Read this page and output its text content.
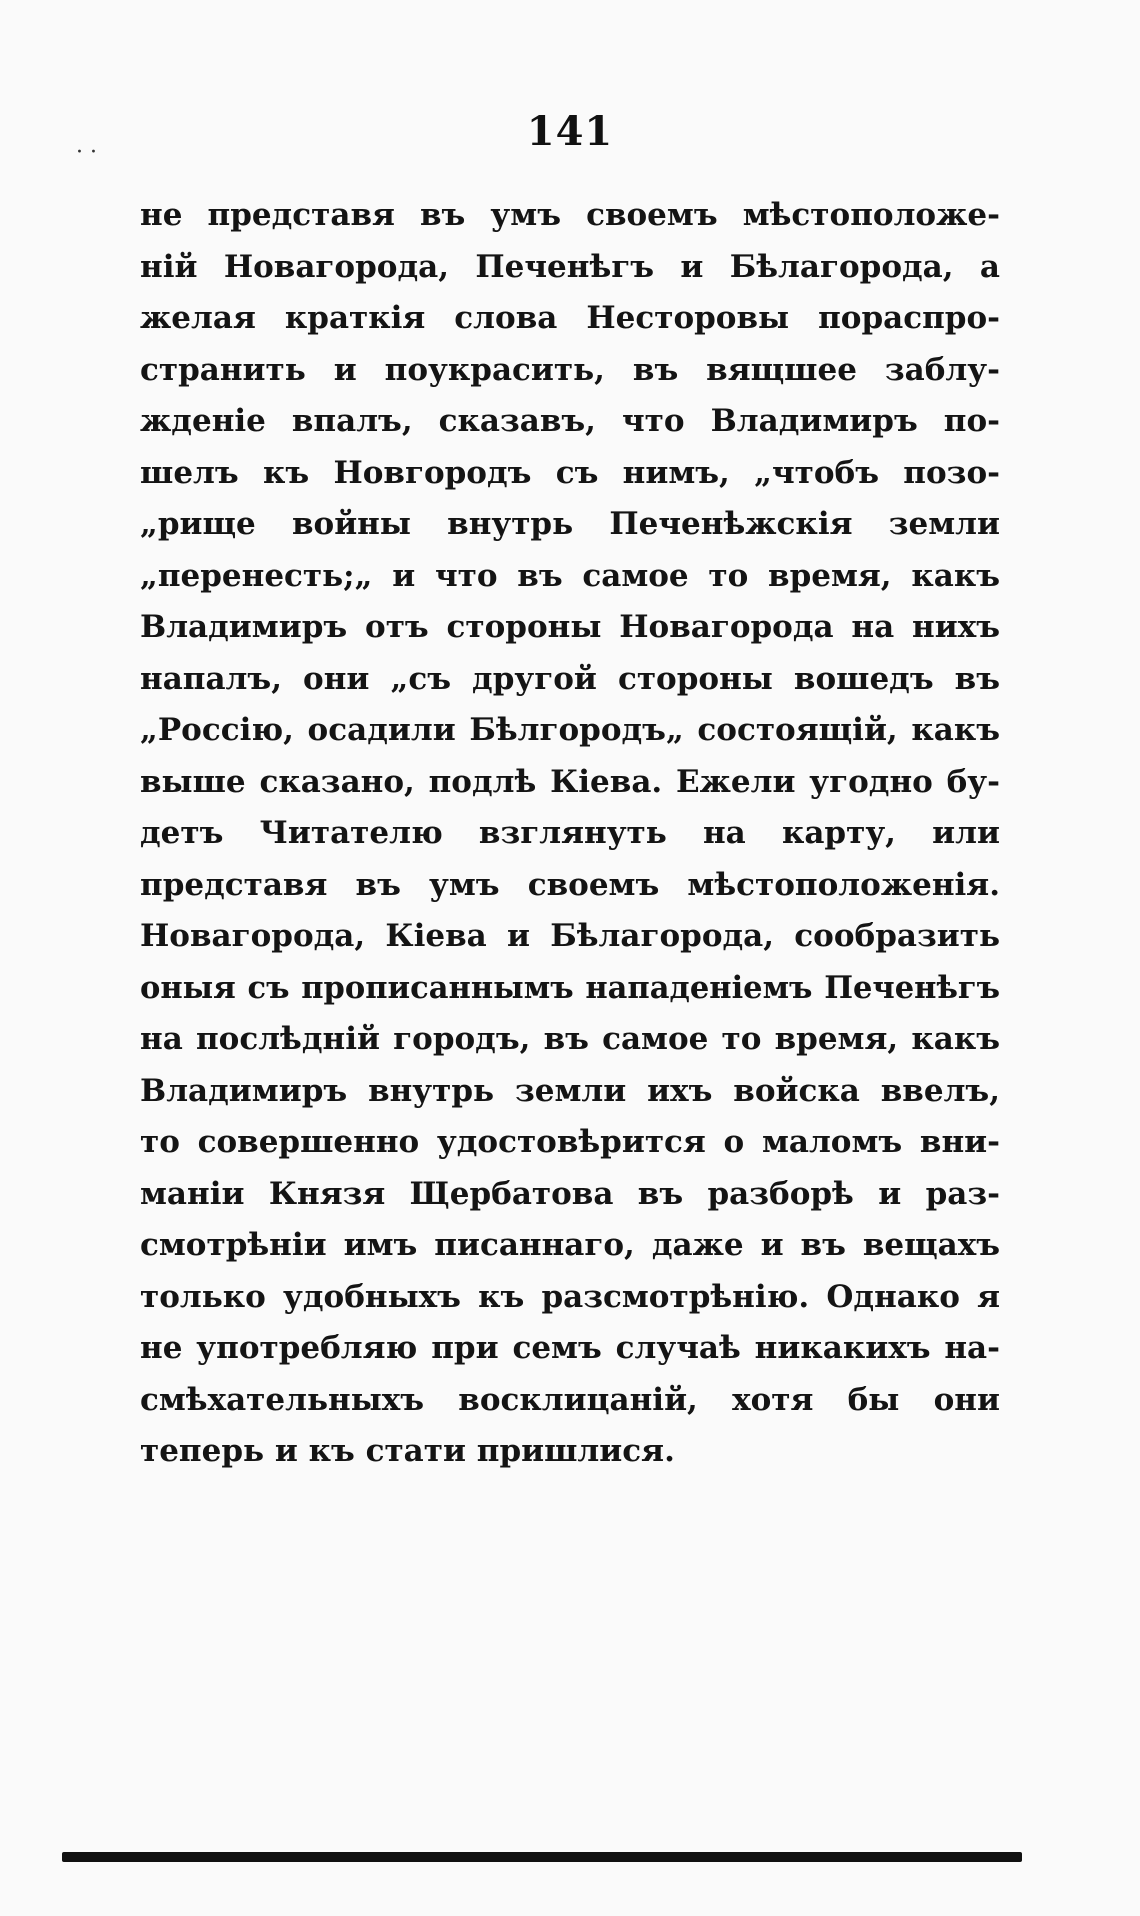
141
· ·
не представя въ умъ своемъ мѣстоположе-
ній Новагорода, Печенѣгъ и Бѣлагорода, а
желая краткія слова Несторовы пораспро-
странить и поукрасить, въ вящшее заблу-
жденіе впалъ, сказавъ, что Владимиръ по-
шелъ къ Новгородъ съ нимъ, „чтобъ позо-
„рище войны внутрь Печенѣжскія земли
„перенесть;„ и что въ самое то время, какъ
Владимиръ отъ стороны Новагорода на нихъ
напалъ, они „съ другой стороны вошедъ въ
„Россію, осадили Бѣлгородъ„ состоящій, какъ
выше сказано, подлѣ Кіева. Ежели угодно бу-
детъ Читателю взглянуть на карту, или
представя въ умъ своемъ мѣстоположенія.
Новагорода, Кіева и Бѣлагорода, сообразить
оныя съ прописаннымъ нападеніемъ Печенѣгъ
на послѣдній городъ, въ самое то время, какъ
Владимиръ внутрь земли ихъ войска ввелъ,
то совершенно удостовѣрится о маломъ вни-
маніи Князя Щербатова въ разборѣ и раз-
смотрѣніи имъ писаннаго, даже и въ вещахъ
только удобныхъ къ разсмотрѣнію. Однако я
не употребляю при семъ случаѣ никакихъ на-
смѣхательныхъ восклицаній, хотя бы они
теперь и къ стати пришлися.
